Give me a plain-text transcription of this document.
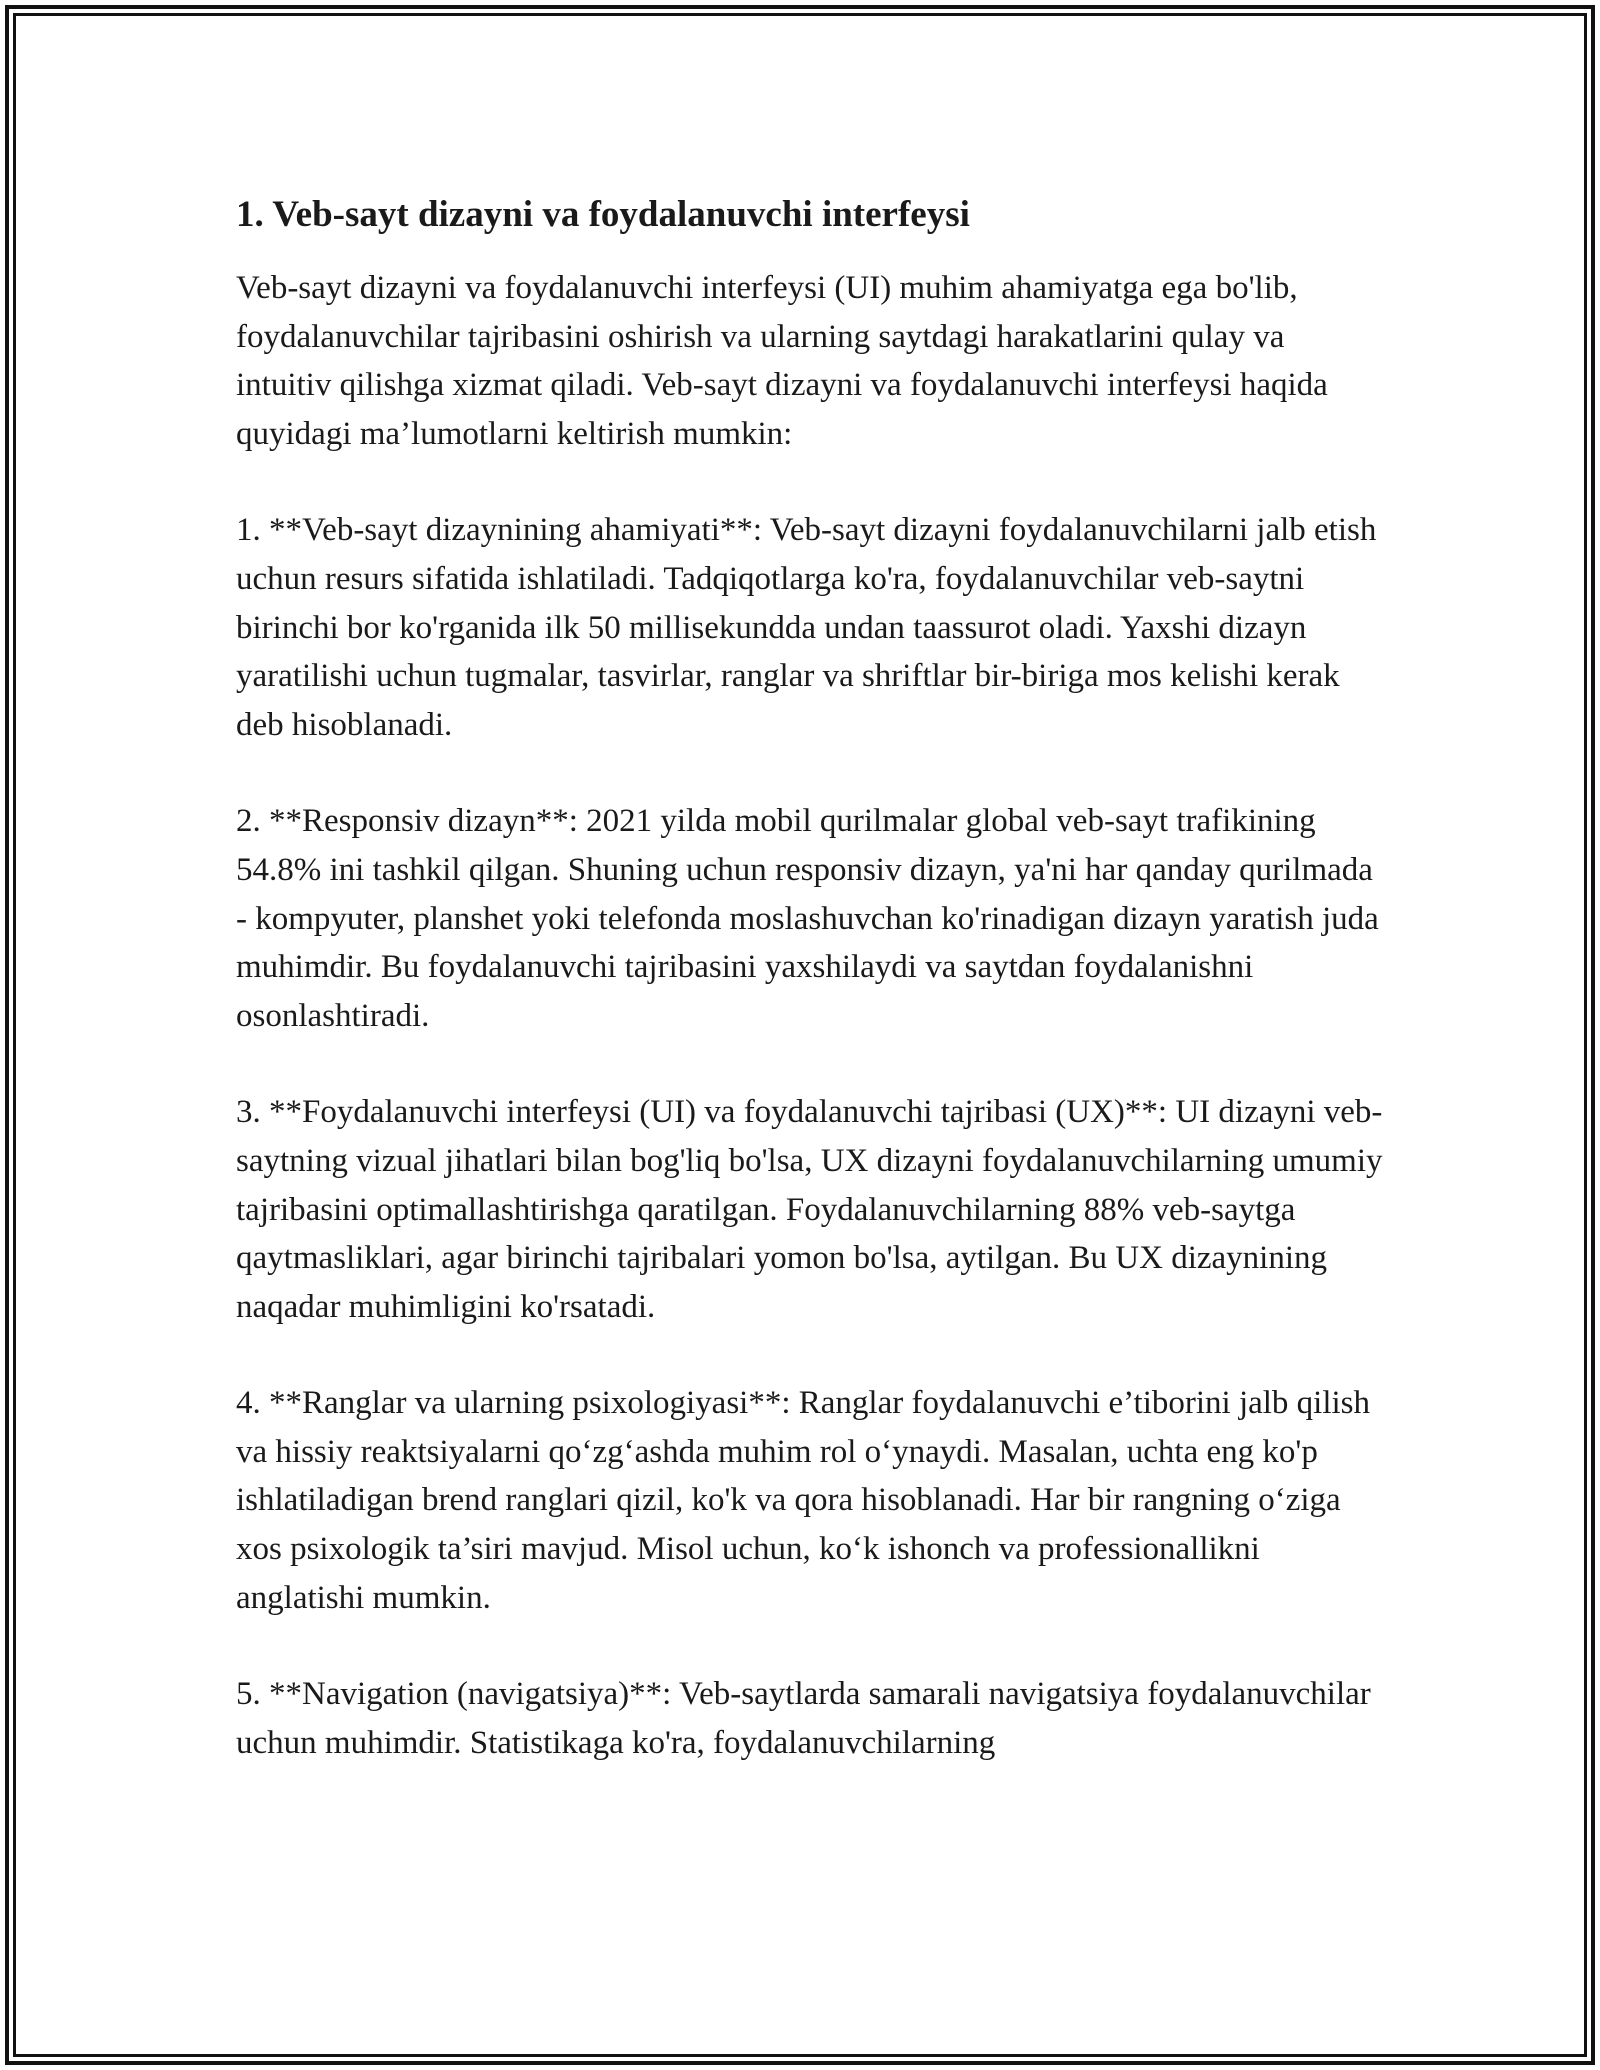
1. Veb-sayt dizayni va foydalanuvchi interfeysi

Veb-sayt dizayni va foydalanuvchi interfeysi (UI) muhim ahamiyatga ega bo'lib, foydalanuvchilar tajribasini oshirish va ularning saytdagi harakatlarini qulay va intuitiv qilishga xizmat qiladi. Veb-sayt dizayni va foydalanuvchi interfeysi haqida quyidagi ma’lumotlarni keltirish mumkin:

1. **Veb-sayt dizaynining ahamiyati**: Veb-sayt dizayni foydalanuvchilarni jalb etish uchun resurs sifatida ishlatiladi. Tadqiqotlarga ko'ra, foydalanuvchilar veb-saytni birinchi bor ko'rganida ilk 50 millisekundda undan taassurot oladi. Yaxshi dizayn yaratilishi uchun tugmalar, tasvirlar, ranglar va shriftlar bir-biriga mos kelishi kerak deb hisoblanadi.

2. **Responsiv dizayn**: 2021 yilda mobil qurilmalar global veb-sayt trafikining 54.8% ini tashkil qilgan. Shuning uchun responsiv dizayn, ya'ni har qanday qurilmada - kompyuter, planshet yoki telefonda moslashuvchan ko'rinadigan dizayn yaratish juda muhimdir. Bu foydalanuvchi tajribasini yaxshilaydi va saytdan foydalanishni osonlashtiradi.

3. **Foydalanuvchi interfeysi (UI) va foydalanuvchi tajribasi (UX)**: UI dizayni veb-saytning vizual jihatlari bilan bog'liq bo'lsa, UX dizayni foydalanuvchilarning umumiy tajribasini optimallashtirishga qaratilgan. Foydalanuvchilarning 88% veb-saytga qaytmasliklari, agar birinchi tajribalari yomon bo'lsa, aytilgan. Bu UX dizaynining naqadar muhimligini ko'rsatadi.

4. **Ranglar va ularning psixologiyasi**: Ranglar foydalanuvchi e’tiborini jalb qilish va hissiy reaktsiyalarni qo‘zg‘ashda muhim rol o‘ynaydi. Masalan, uchta eng ko'p ishlatiladigan brend ranglari qizil, ko'k va qora hisoblanadi. Har bir rangning o‘ziga xos psixologik ta’siri mavjud. Misol uchun, ko‘k ishonch va professionallikni anglatishi mumkin.

5. **Navigation (navigatsiya)**: Veb-saytlarda samarali navigatsiya foydalanuvchilar uchun muhimdir. Statistikaga ko'ra, foydalanuvchilarning
